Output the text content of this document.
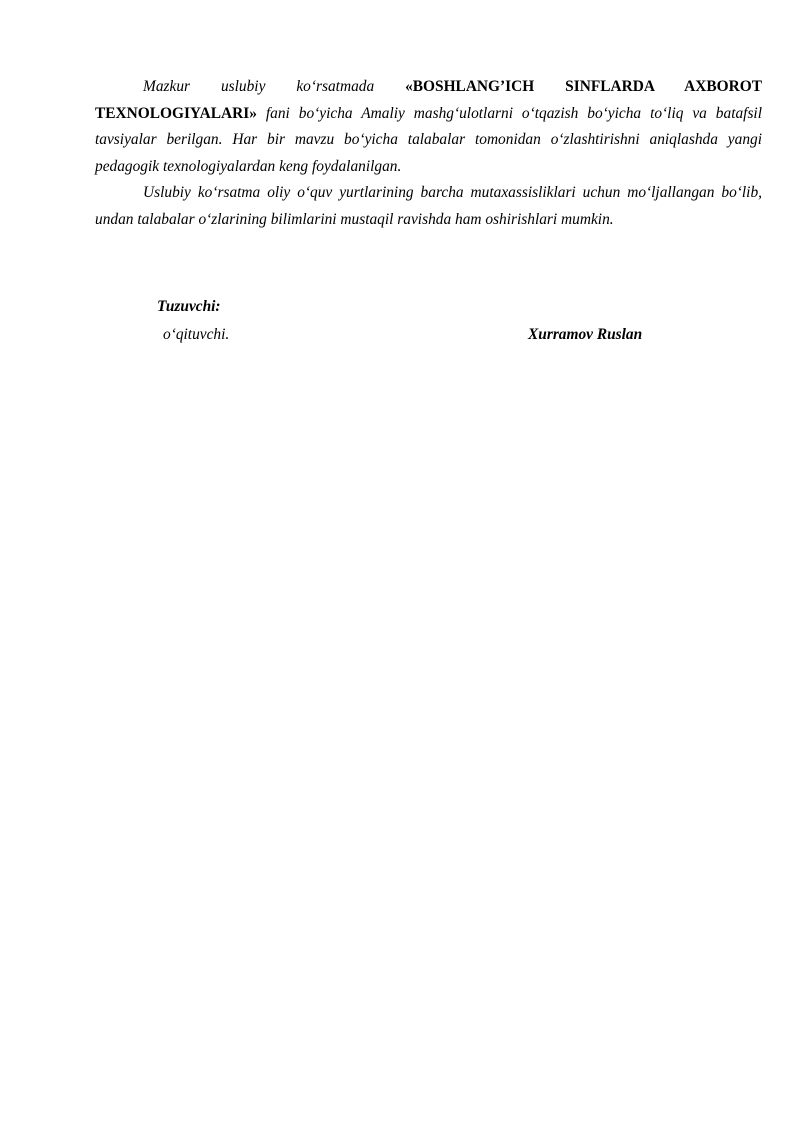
Mazkur uslubiy ko‘rsatmada «BOSHLANG’ICH SINFLARDA AXBOROT TEXNOLOGIYALARI» fani bo‘yicha Amaliy mashg‘ulotlarni o‘tqazish bo‘yicha to‘liq va batafsil tavsiyalar berilgan. Har bir mavzu bo‘yicha talabalar tomonidan o‘zlashtirishni aniqlashda yangi pedagogik texnologiyalardan keng foydalanilgan.

Uslubiy ko‘rsatma oliy o‘quv yurtlarining barcha mutaxassisliklari uchun mo‘ljallangan bo‘lib, undan talabalar o‘zlarining bilimlarini mustaqil ravishda ham oshirishlari mumkin.

Tuzuvchi:
o‘qituvchi.	Xurramov Ruslan
